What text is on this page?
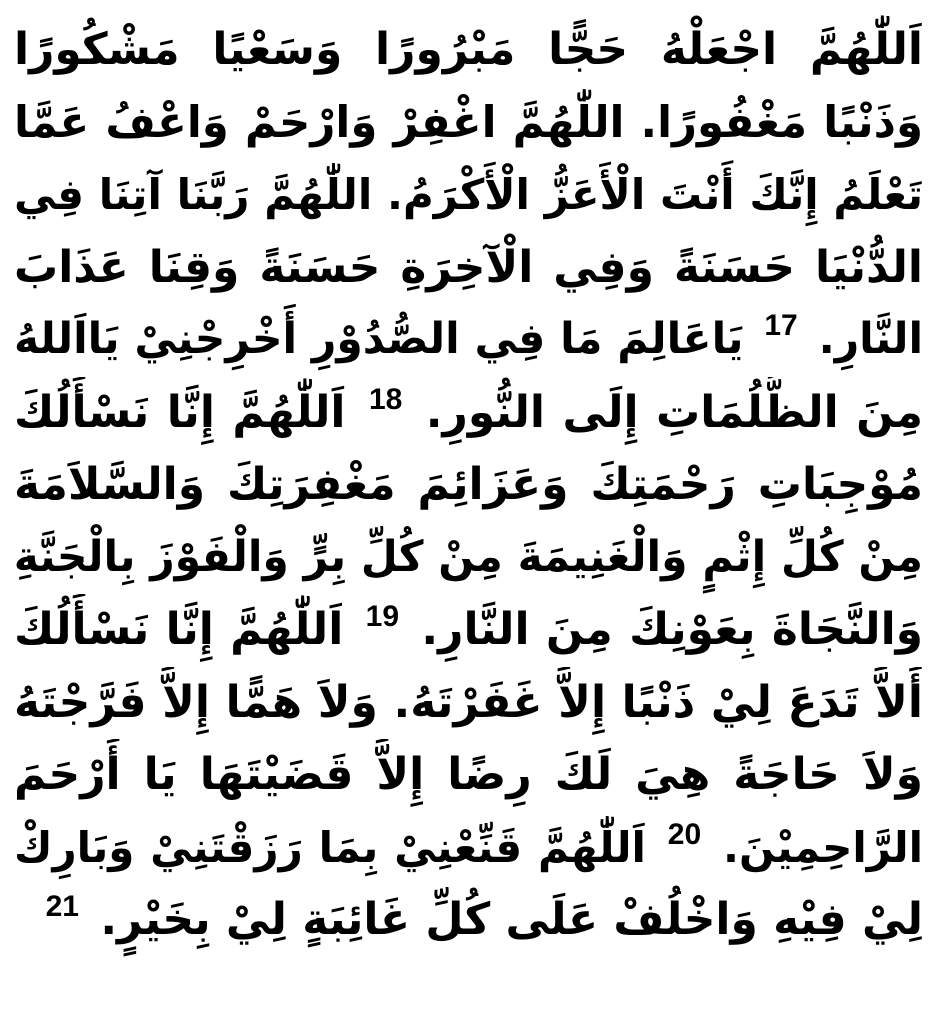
اَللّٰهُمَّ اجْعَلْهُ حَجًّا مَبْرُورًا وَسَعْيًا مَشْكُورًا
وَذَنْبًا مَغْفُورًا. اللّٰهُمَّ اغْفِرْ وَارْحَمْ وَاعْفُ عَمَّا
تَعْلَمُ إِنَّكَ أَنْتَ الْأَعَزُّ الْأَكْرَمُ. اللّٰهُمَّ رَبَّنَا آتِنَا فِي
الدُّنْيَا حَسَنَةً وَفِي الْآخِرَةِ حَسَنَةً وَقِنَا عَذَابَ
النَّارِ. 17 يَاعَالِمَ مَا فِي الصُّدُوْرِ أَخْرِجْنِيْ يَااَللهُ
مِنَ الظُّلُمَاتِ إِلَى النُّورِ. 18 اَللّٰهُمَّ إِنَّا نَسْأَلُكَ
مُوْجِبَاتِ رَحْمَتِكَ وَعَزَائِمَ مَغْفِرَتِكَ وَالسَّلاَمَةَ
مِنْ كُلِّ إِثْمٍ وَالْغَنِيمَةَ مِنْ كُلِّ بِرٍّ وَالْفَوْزَ بِالْجَنَّةِ
وَالنَّجَاةَ بِعَوْنِكَ مِنَ النَّارِ. 19 اَللّٰهُمَّ إِنَّا نَسْأَلُكَ
أَلاَّ تَدَعَ لِيْ ذَنْبًا إِلاَّ غَفَرْتَهُ. وَلاَ هَمًّا إِلاَّ فَرَّجْتَهُ
وَلاَ حَاجَةً هِيَ لَكَ رِضًا إِلاَّ قَضَيْتَهَا يَا أَرْحَمَ
الرَّاحِمِيْنَ. 20 اَللّٰهُمَّ قَنِّعْنِيْ بِمَا رَزَقْتَنِيْ وَبَارِكْ
لِيْ فِيْهِ وَاخْلُفْ عَلَى كُلِّ غَائِبَةٍ لِيْ بِخَيْرٍ. 21
